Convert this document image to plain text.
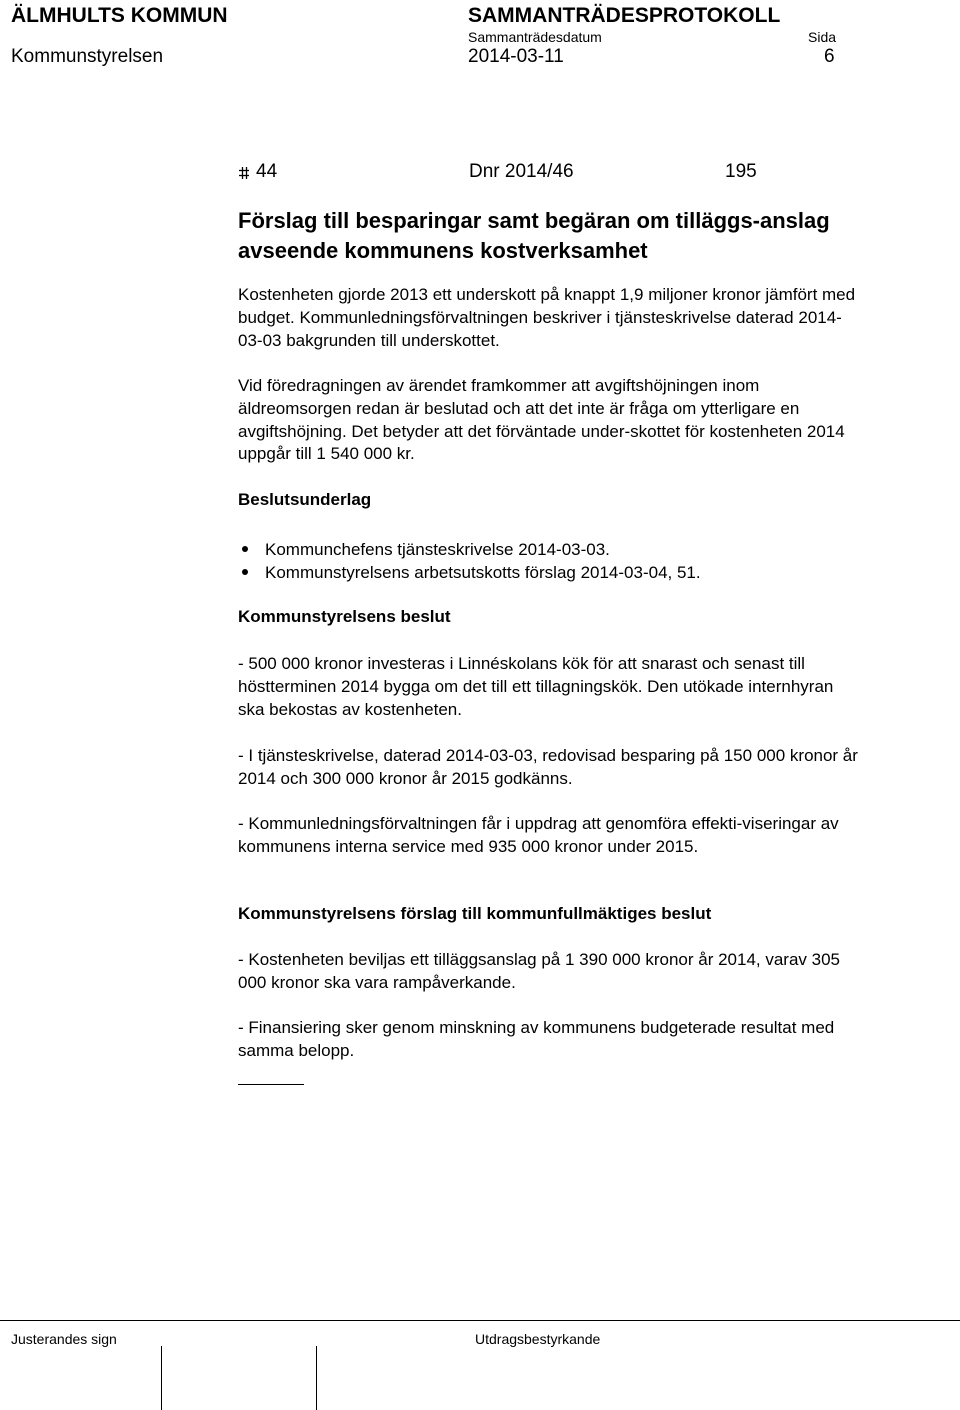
ÄLMHULTS KOMMUN	SAMMANTRÄDESPROTOKOLL
Sammanträdesdatum	Sida
Kommunstyrelsen	2014-03-11	6
44	Dnr 2014/46	195
Förslag till besparingar samt begäran om tilläggs-anslag avseende kommunens kostverksamhet
Kostenheten gjorde 2013 ett underskott på knappt 1,9 miljoner kronor jämfört med budget. Kommunledningsförvaltningen beskriver i tjänsteskrivelse daterad 2014-03-03 bakgrunden till underskottet.
Vid föredragningen av ärendet framkommer att avgiftshöjningen inom äldreomsorgen redan är beslutad och att det inte är fråga om ytterligare en avgiftshöjning. Det betyder att det förväntade under-skottet för kostenheten 2014 uppgår till 1 540 000 kr.
Beslutsunderlag
Kommunchefens tjänsteskrivelse 2014-03-03.
Kommunstyrelsens arbetsutskotts förslag 2014-03-04, 51.
Kommunstyrelsens beslut
- 500 000 kronor investeras i Linnéskolans kök för att snarast och senast till höstterminen 2014 bygga om det till ett tillagningskök. Den utökade internhyran ska bekostas av kostenheten.
- I tjänsteskrivelse, daterad 2014-03-03, redovisad besparing på 150 000 kronor år 2014 och 300 000 kronor år 2015 godkänns.
- Kommunledningsförvaltningen får i uppdrag att genomföra effekti-viseringar av kommunens interna service med 935 000 kronor under 2015.
Kommunstyrelsens förslag till kommunfullmäktiges beslut
- Kostenheten beviljas ett tilläggsanslag på 1 390 000 kronor år 2014, varav 305 000 kronor ska vara rampåverkande.
- Finansiering sker genom minskning av kommunens budgeterade resultat med samma belopp.
Justerandes sign	Utdragsbestyrkande
